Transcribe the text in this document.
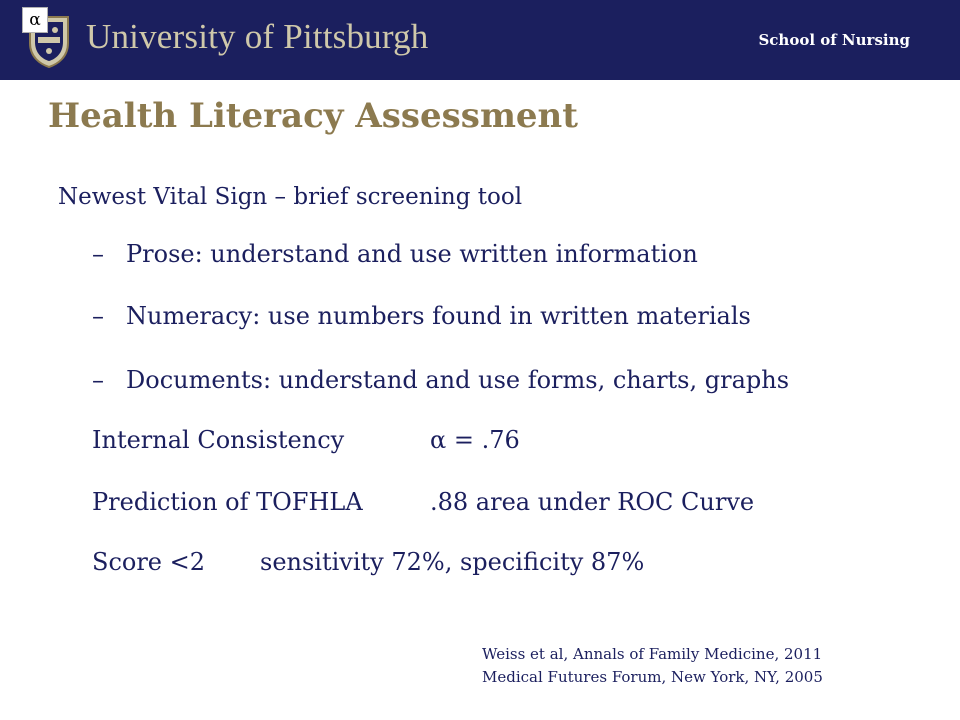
α University of Pittsburgh	School of Nursing
Health Literacy Assessment
Newest Vital Sign – brief screening tool
– Prose: understand and use written information
– Numeracy: use numbers found in written materials
– Documents: understand and use forms, charts, graphs
Internal Consistency	α = .76
Prediction of TOFHLA	.88 area under ROC Curve
Score <2 sensitivity 72%, specificity 87%
Weiss et al, Annals of Family Medicine, 2011
Medical Futures Forum, New York, NY, 2005
